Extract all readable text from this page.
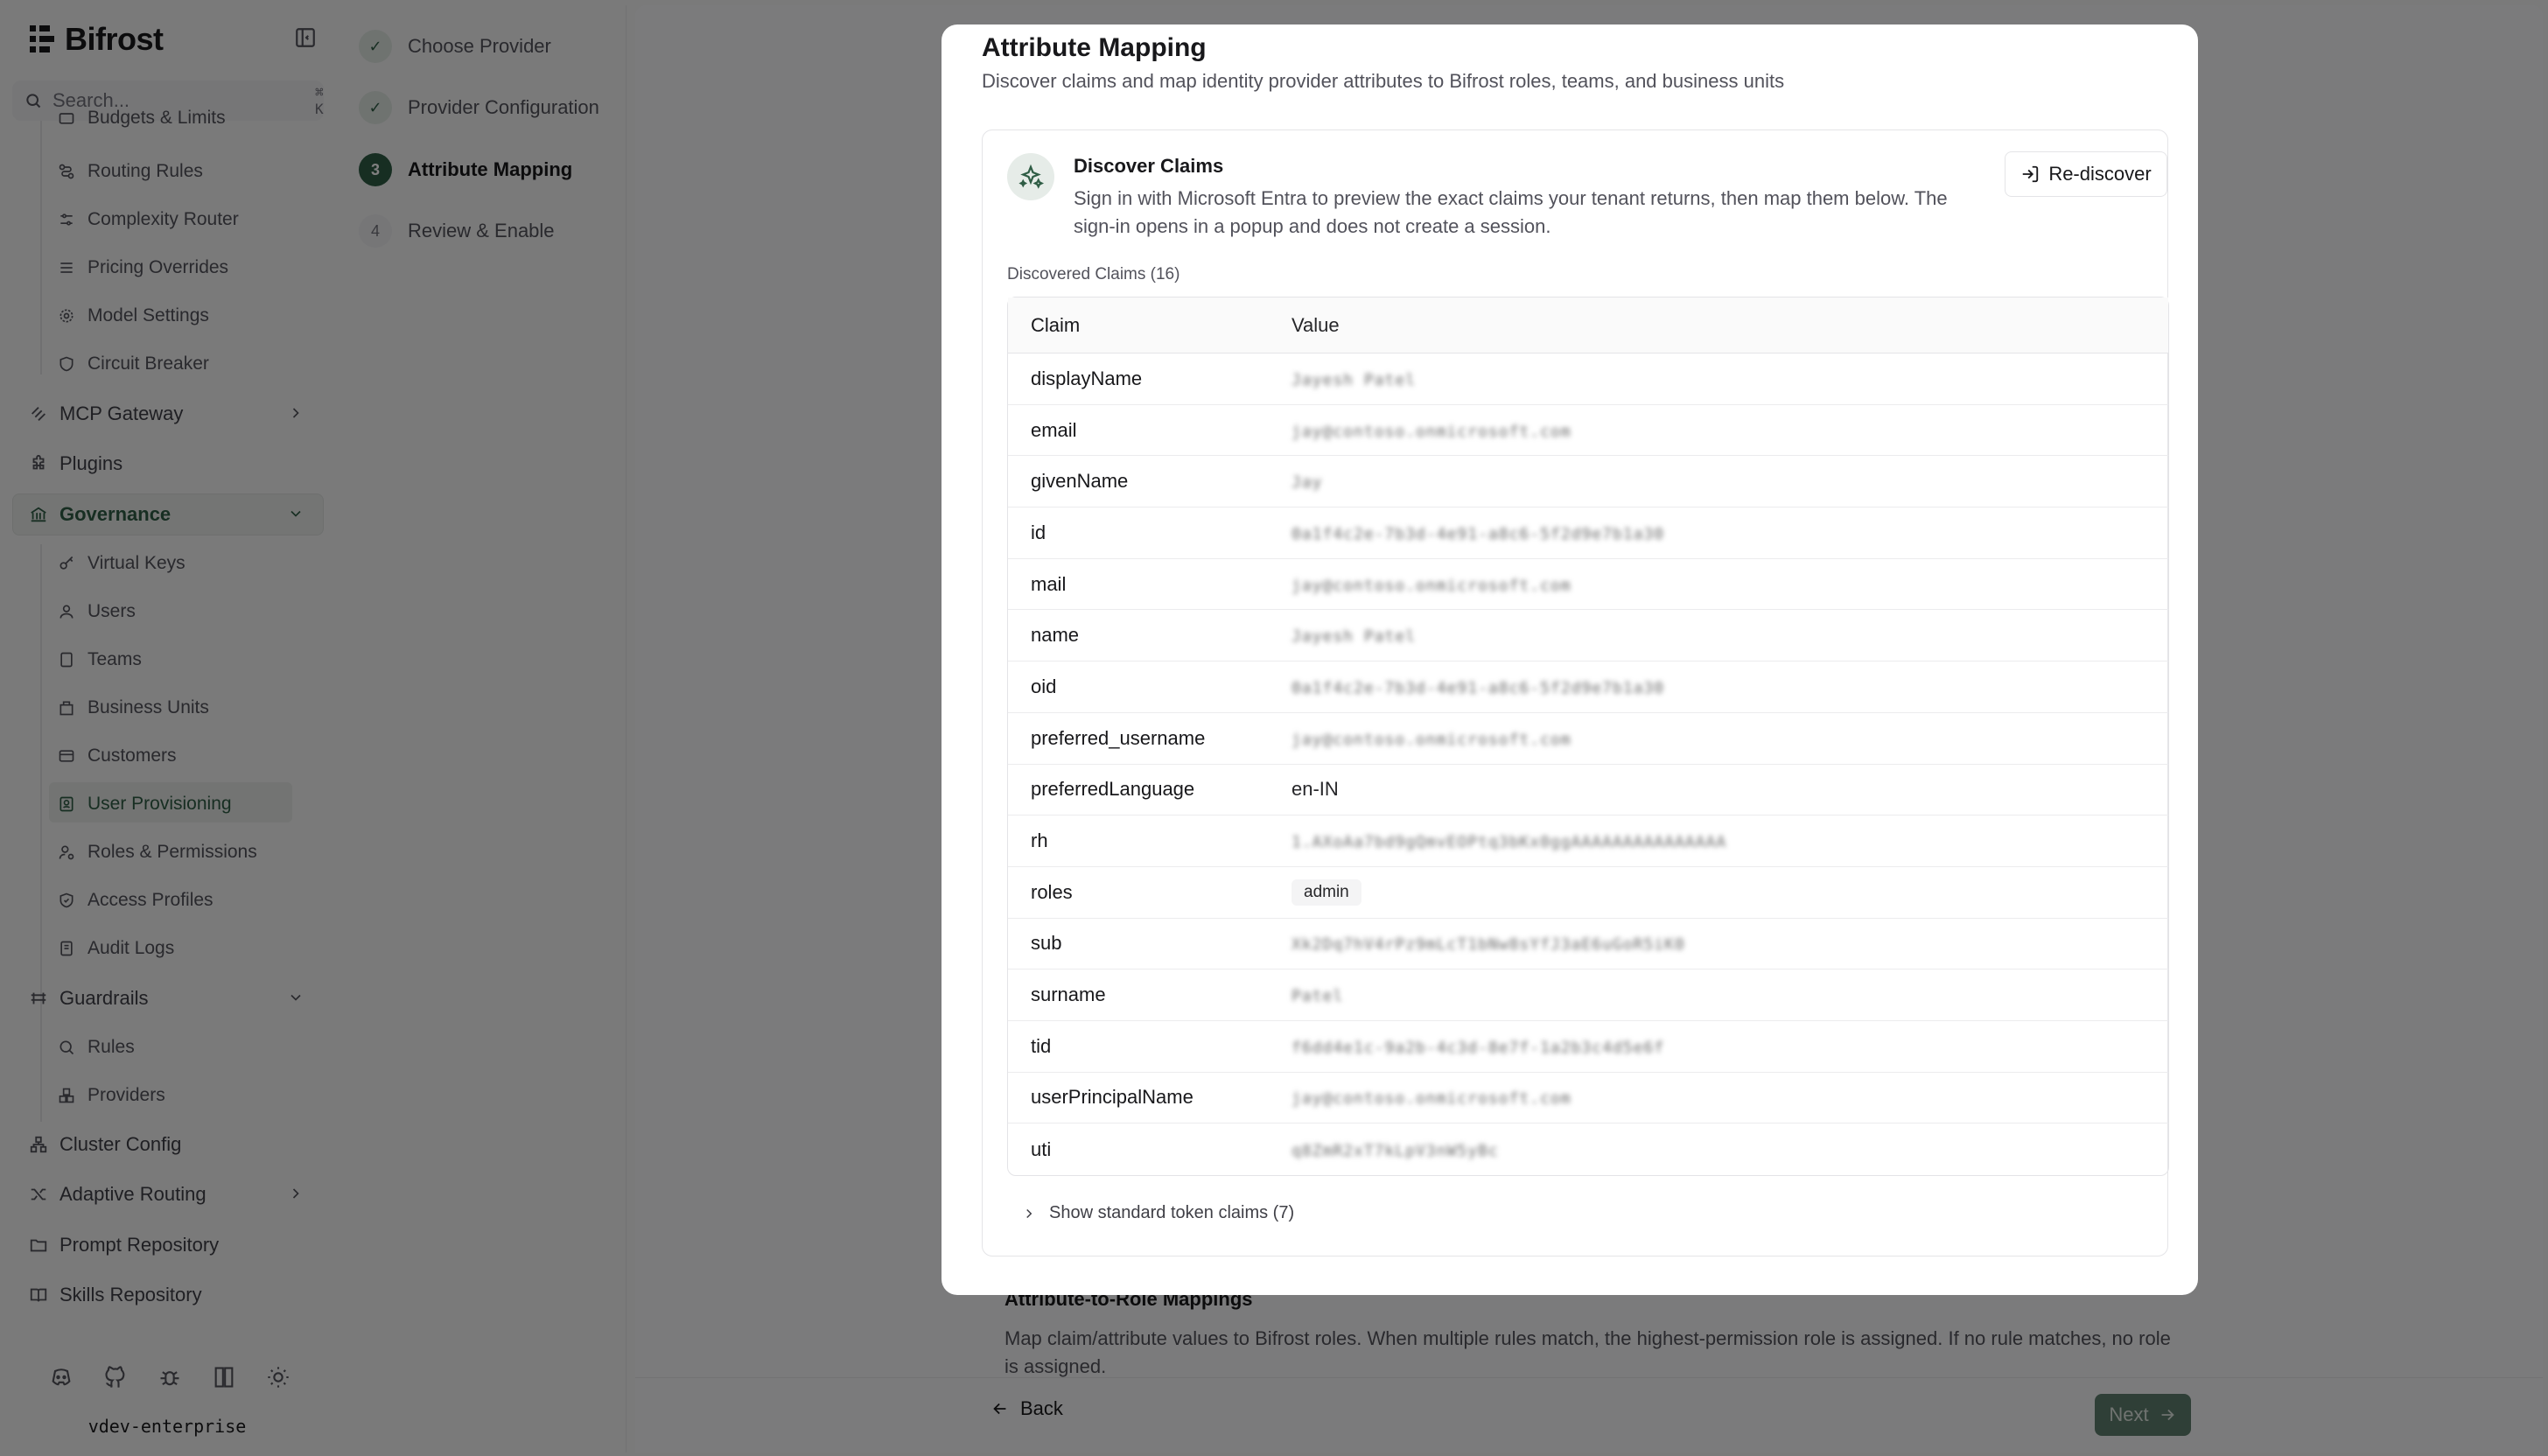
Search...
Attribute Mapping
Discover claims and map identity provider attributes to Bifrost roles, teams, and business units
Discover Claims
Sign in with Microsoft Entra to preview the exact claims your tenant returns, then map them below. The sign-in opens in a popup and does not create a session.
Re-discover
Discovered Claims (16)
Claim	Value
displayName	Jayesh Patel
email	jay@contoso.onmicrosoft.com
givenName	Jay
id	0a1f4c2e-7b3d-4e91-a8c6-5f2d9e7b1a30
mail	jay@contoso.onmicrosoft.com
name	Jayesh Patel
oid	0a1f4c2e-7b3d-4e91-a8c6-5f2d9e7b1a30
preferred_username	jay@contoso.onmicrosoft.com
preferredLanguage	en-IN
rh	1.AXoAa7bd9gQmvEOPtq3bKx0ggAAAAAAAAAAAAAAA
roles	admin
sub	Xk2Dq7hV4rPz9mLcT1bNw8sYfJ3aE6uGoR5iK0
surname	Patel
tid	f6dd4e1c-9a2b-4c3d-8e7f-1a2b3c4d5e6f
userPrincipalName	jay@contoso.onmicrosoft.com
uti	q8ZmR2xT7kLpV3nW5yBc
Show standard token claims (7)
